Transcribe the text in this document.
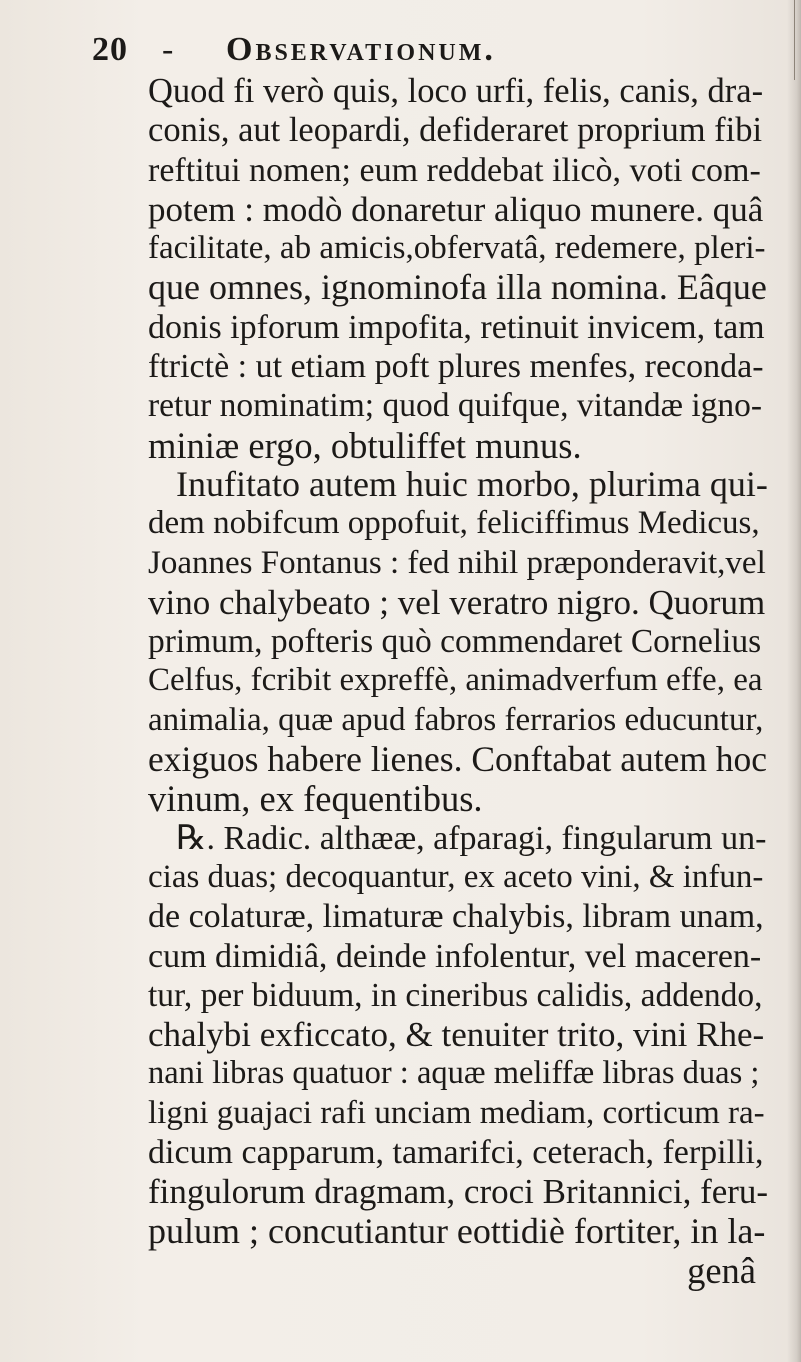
20 - Observationum.
Quod fi verò quis, loco urfi, felis, canis, dra-
conis, aut leopardi, defideraret proprium fibi
reftitui nomen; eum reddebat ilicò, voti com-
potem : modò donaretur aliquo munere. quâ
facilitate, ab amicis,obfervatâ, redemere, pleri-
que omnes, ignominofa illa nomina. Eâque
donis ipforum impofita, retinuit invicem, tam
ftrictè : ut etiam poft plures menfes, reconda-
retur nominatim; quod quifque, vitandæ igno-
miniæ ergo, obtuliffet munus.
Inufitato autem huic morbo, plurima qui-
dem nobifcum oppofuit, feliciffimus Medicus,
Joannes Fontanus : fed nihil præponderavit,vel
vino chalybeato ; vel veratro nigro. Quorum
primum, pofteris quò commendaret Cornelius
Celfus, fcribit expreffè, animadverfum effe, ea
animalia, quæ apud fabros ferrarios educuntur,
exiguos habere lienes. Conftabat autem hoc
vinum, ex fequentibus.
℞. Radic. althææ, afparagi, fingularum un-
cias duas; decoquantur, ex aceto vini, & infun-
de colaturæ, limaturæ chalybis, libram unam,
cum dimidiâ, deinde infolentur, vel maceren-
tur, per biduum, in cineribus calidis, addendo,
chalybi exficcato, & tenuiter trito, vini Rhe-
nani libras quatuor : aquæ meliffæ libras duas ;
ligni guajaci rafi unciam mediam, corticum ra-
dicum capparum, tamarifci, ceterach, ferpilli,
fingulorum dragmam, croci Britannici, feru-
pulum ; concutiantur eottidiè fortiter, in la-
genâ
